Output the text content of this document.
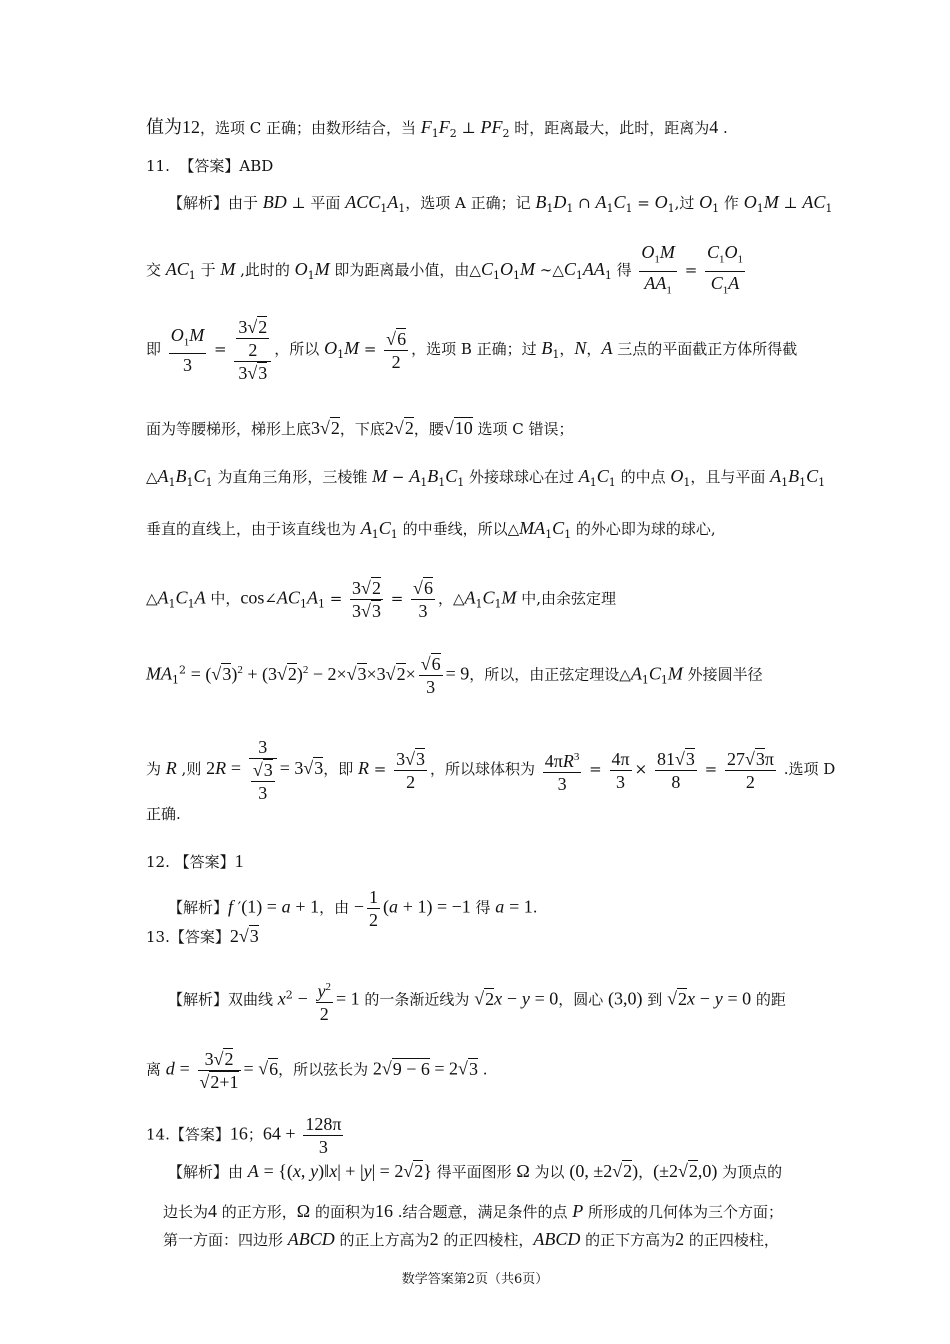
值为12，选项 C 正确；由数形结合，当 $F_1F_2$ ⊥ $PF_2$ 时，距离最大，此时，距离为4 .
11.  【答案】ABD
【解析】由于 BD ⊥ 平面 $ACC_1A_1$，选项 A 正确；记 $B_1D_1$ ∩ $A_1C_1 = O_1$,过 $O_1$ 作 $O_1M$ ⊥ $AC_1$
交 $AC_1$ 于 M ,此时的 $O_1M$ 即为距离最小值，由$\triangle C_1O_1M$ $\sim\triangle C_1AA_1$ 得 $\frac{O_1M}{AA_1} = \frac{C_1O_1}{C_1A}$
即 $\frac{O_1M}{3} = \frac{\frac{3√2}{2}}{3√3}$ ，所以 $O_1M = \frac{√6}{2}$ ，选项 B 正确；过 $B_1$，N，A 三点的平面截正方体所得截
面为等腰梯形，梯形上底3√2，下底2√2，腰√10 选项 C 错误；
$\triangle A_1B_1C_1$ 为直角三角形，三棱锥 $M - A_1B_1C_1$ 外接球球心在过 $A_1C_1$ 的中点 $O_1$，且与平面 $A_1B_1C_1$
垂直的直线上，由于该直线也为 $A_1C_1$ 的中垂线，所以$\triangle MA_1C_1$ 的外心即为球的球心,
$\triangle A_1C_1A$ 中，$\cos\angle AC_1A_1 = \frac{3√2}{3√3} = \frac{√6}{3}$ ，$\triangle A_1C_1M$ 中,由余弦定理
$MA_1^2 = (√3)^2 + (3√2)^2 - 2\times√3\times 3√2\times \frac{√6}{3} = 9$，所以，由正弦定理设$\triangle A_1C_1M$ 外接圆半径
为 R ,则 $2R = \frac{3}{\frac{√3}{3}} = 3√3$，即 $R = \frac{3√3}{2}$ ，所以球体积为 $\frac{4\pi R^3}{3} = \frac{4\pi}{3} \times \frac{81√3}{8} = \frac{27√3\pi}{2}$ .选项 D
正确.
12. 【答案】1
【解析】f ′(1) = a + 1，由 − $\frac{1}{2} (a + 1) = -1$ 得 a = 1.
13.【答案】2√3
【解析】双曲线 $x^2 - \frac{y^2}{2} = 1$ 的一条渐近线为 √2x − y = 0，圆心 (3,0) 到 √2x − y = 0 的距
离 $d = \frac{3√2}{√2+1} = √6$，所以弦长为 2√9 − 6 = 2√3 .
14.【答案】16；$64 + \frac{128\pi}{3}$
【解析】由 A = {(x, y)‖x| + |y| = 2√2} 得平面图形 Ω 为以 (0, ±2√2)，(±2√2,0) 为顶点的
边长为4 的正方形，Ω 的面积为16 .结合题意，满足条件的点 P 所形成的几何体为三个方面；
第一方面：四边形 ABCD 的正上方高为2 的正四棱柱，ABCD 的正下方高为2 的正四棱柱，
数学答案第2页（共6页）
